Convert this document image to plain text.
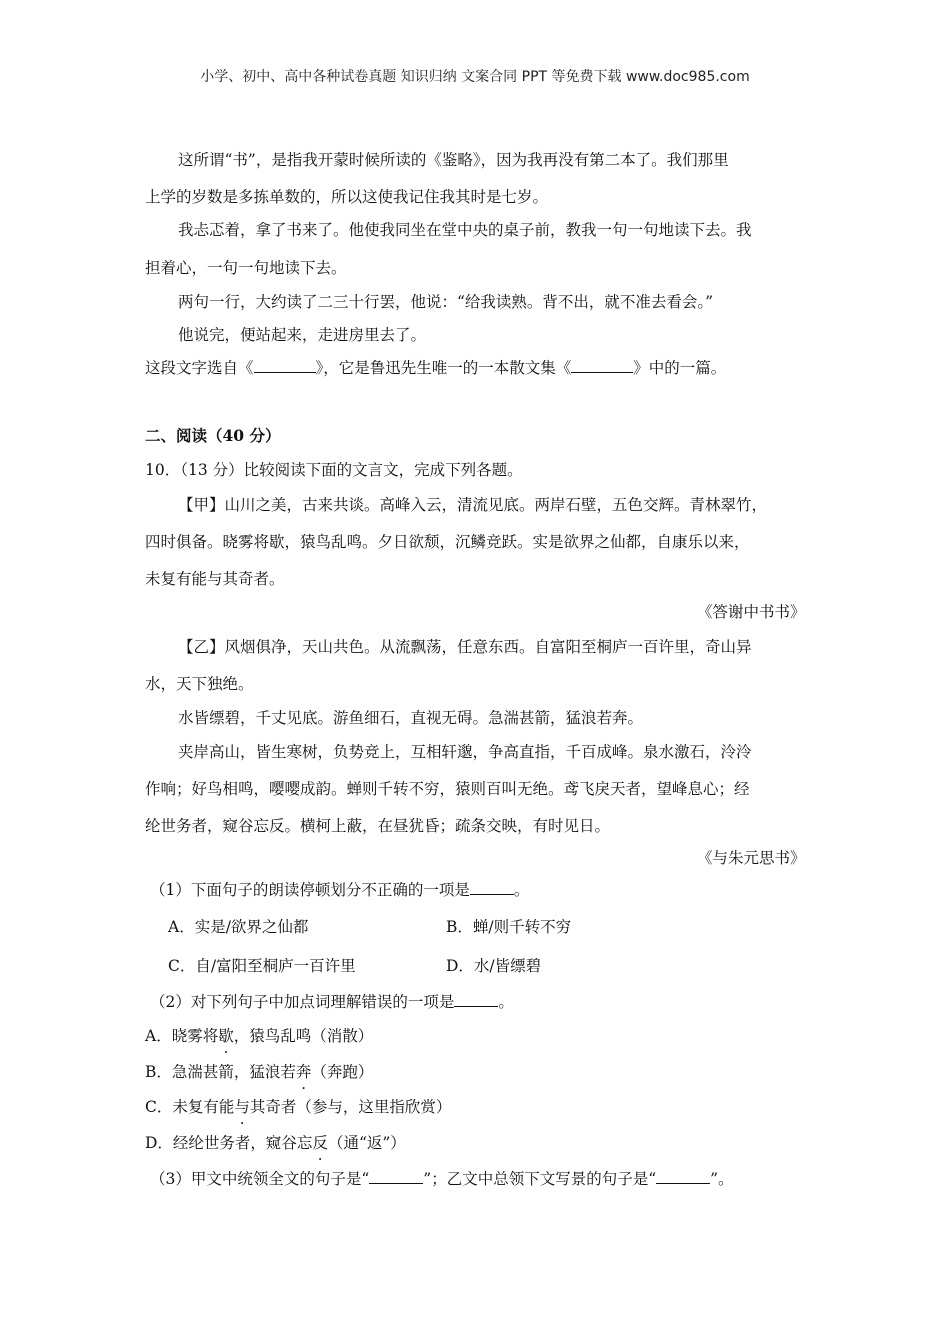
小学、初中、高中各种试卷真题 知识归纳 文案合同 PPT 等免费下载 www.doc985.com
这所谓“书”，是指我开蒙时候所读的《鉴略》，因为我再没有第二本了。我们那里
上学的岁数是多拣单数的，所以这使我记住我其时是七岁。
我忐忑着，拿了书来了。他使我同坐在堂中央的桌子前，教我一句一句地读下去。我
担着心，一句一句地读下去。
两句一行，大约读了二三十行罢，他说：“给我读熟。背不出，就不准去看会。”
他说完，便站起来，走进房里去了。
这段文字选自《	》，它是鲁迅先生唯一的一本散文集《	》中的一篇。
二、阅读（40 分）
10．（13 分）比较阅读下面的文言文，完成下列各题。
【甲】山川之美，古来共谈。高峰入云，清流见底。两岸石壁，五色交辉。青林翠竹，
四时俱备。晓雾将歇，猿鸟乱鸣。夕日欲颓，沉鳞竞跃。实是欲界之仙都，自康乐以来，
未复有能与其奇者。
《答谢中书书》
【乙】风烟俱净，天山共色。从流飘荡，任意东西。自富阳至桐庐一百许里，奇山异
水，天下独绝。
水皆缥碧，千丈见底。游鱼细石，直视无碍。急湍甚箭，猛浪若奔。
夹岸高山，皆生寒树，负势竞上，互相轩邈，争高直指，千百成峰。泉水激石，泠泠
作响；好鸟相鸣，嘤嘤成韵。蝉则千转不穷，猿则百叫无绝。鸢飞戾天者，望峰息心；经
纶世务者，窥谷忘反。横柯上蔽，在昼犹昏；疏条交映，有时见日。
《与朱元思书》
（1）下面句子的朗读停顿划分不正确的一项是	。
A．实是/欲界之仙都	B．蝉/则千转不穷
C．自/富阳至桐庐一百许里	D．水/皆缥碧
（2）对下列句子中加点词理解错误的一项是	。
A．晓雾将歇，猿鸟乱鸣（消散）
B．急湍甚箭，猛浪若奔（奔跑）
C．未复有能与其奇者（参与，这里指欣赏）
D．经纶世务者，窥谷忘反（通“返”）
（3）甲文中统领全文的句子是“	”；乙文中总领下文写景的句子是“	”。
